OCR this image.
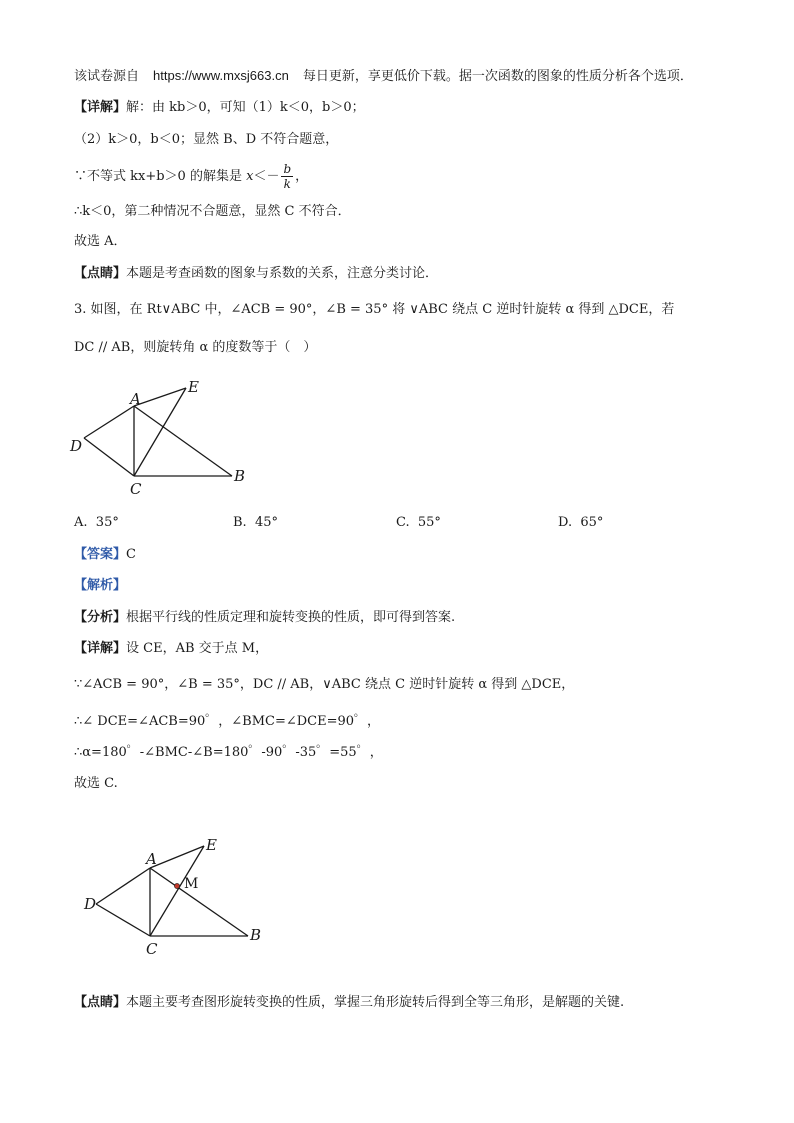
该试卷源自 https://www.mxsj663.cn 每日更新，享更低价下载。据一次函数的图象的性质分析各个选项．
【详解】解：由 kb＞0，可知（1）k＜0，b＞0；
（2）k＞0，b＜0；显然 B、D 不符合题意，
∵不等式 kx+b＞0 的解集是 $x<- \frac{b}{k}$ ，
∴k＜0，第二种情况不合题意，显然 C 不符合．
故选 A．
【点睛】本题是考查函数的图象与系数的关系，注意分类讨论．
3. 如图，在 Rt∨ABC 中，∠ACB = 90°，∠B = 35° 将 ∨ABC 绕点 C 逆时针旋转 α 得到 △DCE，若
DC // AB，则旋转角 α 的度数等于（　）
A
E
D
C
B
A. 35°	B. 45°	C. 55°	D. 65°
【答案】C
【解析】
【分析】根据平行线的性质定理和旋转变换的性质，即可得到答案.
【详解】设 CE，AB 交于点 M，
∵∠ACB = 90°，∠B = 35°，DC // AB，∨ABC 绕点 C 逆时针旋转 α 得到 △DCE，
∴∠ DCE=∠ACB=90゜，∠BMC=∠DCE=90゜，
∴α=180゜-∠BMC-∠B=180゜-90゜-35゜=55゜，
故选 C.
A
E
D
C
B
M
【点睛】本题主要考查图形旋转变换的性质，掌握三角形旋转后得到全等三角形，是解题的关键.
